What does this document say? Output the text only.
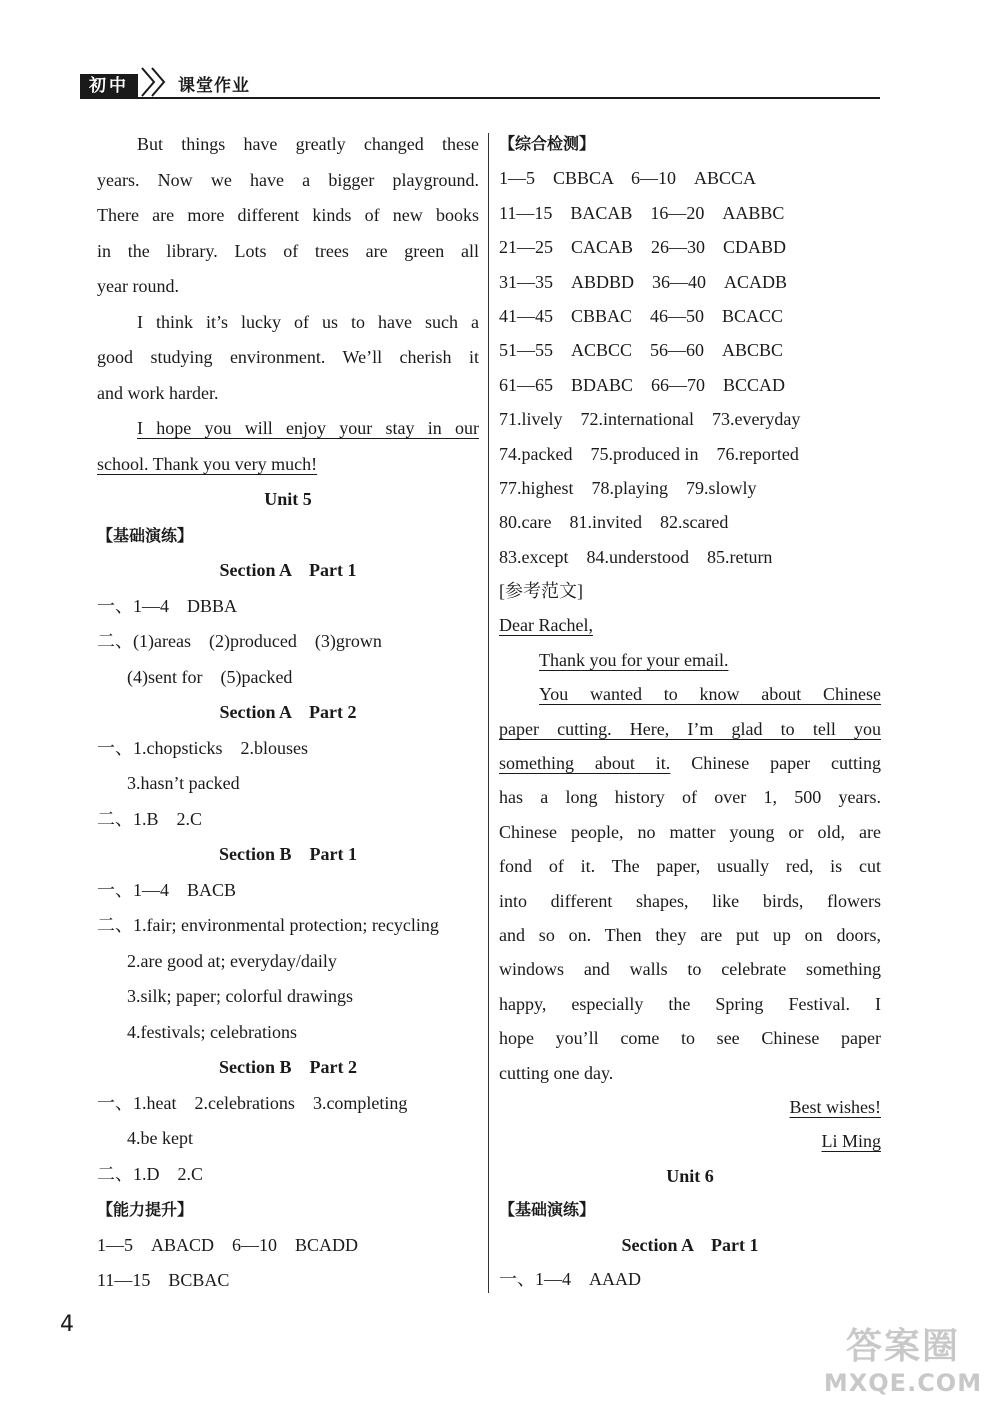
初中	课堂作业
But things have greatly changed these
years. Now we have a bigger playground.
There are more different kinds of new books
in the library. Lots of trees are green all
year round.
I think it’s lucky of us to have such a
good studying environment. We’ll cherish it
and work harder.
I hope you will enjoy your stay in our
school. Thank you very much!
Unit 5
【基础演练】
Section A　Part 1
一、1—4　DBBA
二、(1)areas　(2)produced　(3)grown
(4)sent for　(5)packed
Section A　Part 2
一、1.chopsticks　2.blouses
3.hasn’t packed
二、1.B　2.C
Section B　Part 1
一、1—4　BACB
二、1.fair; environmental protection; recycling
2.are good at; everyday/daily
3.silk; paper; colorful drawings
4.festivals; celebrations
Section B　Part 2
一、1.heat　2.celebrations　3.completing
4.be kept
二、1.D　2.C
【能力提升】
1—5　ABACD　6—10　BCADD
11—15　BCBAC
【综合检测】
1—5　CBBCA　6—10　ABCCA
11—15　BACAB　16—20　AABBC
21—25　CACAB　26—30　CDABD
31—35　ABDBD　36—40　ACADB
41—45　CBBAC　46—50　BCACC
51—55　ACBCC　56—60　ABCBC
61—65　BDABC　66—70　BCCAD
71.lively　72.international　73.everyday
74.packed　75.produced in　76.reported
77.highest　78.playing　79.slowly
80.care　81.invited　82.scared
83.except　84.understood　85.return
[参考范文]
Dear Rachel,
Thank you for your email.
You wanted to know about Chinese
paper cutting. Here, I’m glad to tell you
something about it. Chinese paper cutting
has a long history of over 1, 500 years.
Chinese people, no matter young or old, are
fond of it. The paper, usually red, is cut
into different shapes, like birds, flowers
and so on. Then they are put up on doors,
windows and walls to celebrate something
happy, especially the Spring Festival. I
hope you’ll come to see Chinese paper
cutting one day.
Best wishes!
Li Ming
Unit 6
【基础演练】
Section A　Part 1
一、1—4　AAAD
4
答案圈
MXQE.COM
